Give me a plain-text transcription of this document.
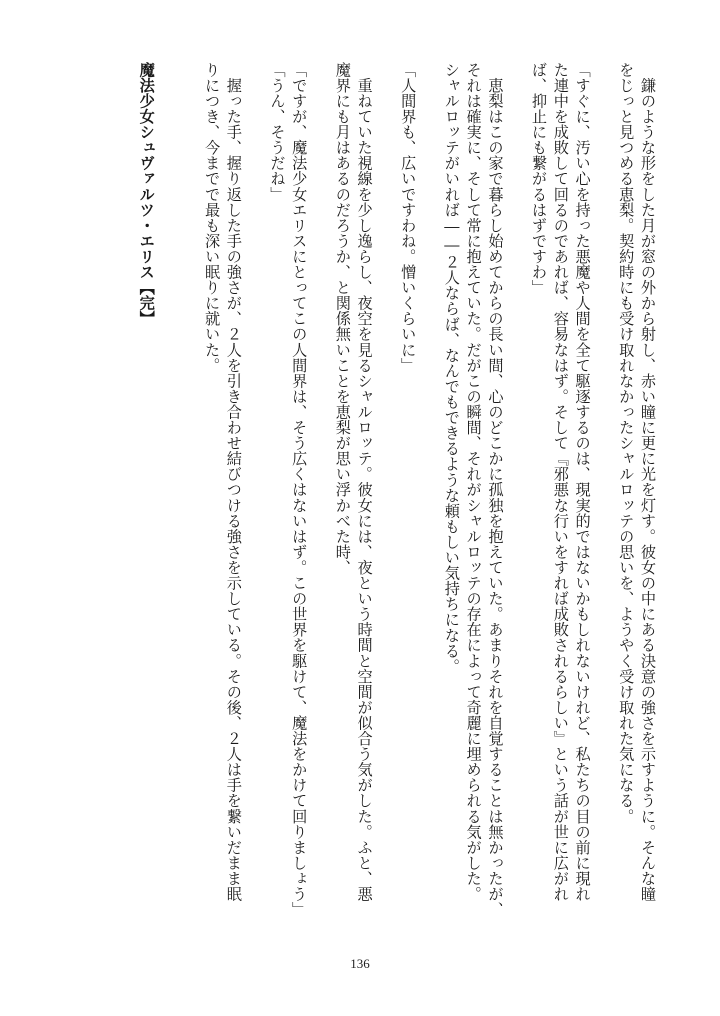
　鎌のような形をした月が窓の外から射し、赤い瞳に更に光を灯す。彼女の中にある決意の強さを示すように。そんな瞳
をじっと見つめる恵梨。契約時にも受け取れなかったシャルロッテの思いを、ようやく受け取れた気になる。
「すぐに、汚い心を持った悪魔や人間を全て駆逐するのは、現実的ではないかもしれないけれど、私たちの目の前に現れ
た連中を成敗して回るのであれば、容易なはず。そして『邪悪な行いをすれば成敗されるらしい』という話が世に広がれ
ば、抑止にも繋がるはずですわ」
　恵梨はこの家で暮らし始めてからの長い間、心のどこかに孤独を抱えていた。あまりそれを自覚することは無かったが、
それは確実に、そして常に抱えていた。だがこの瞬間、それがシャルロッテの存在によって奇麗に埋められる気がした。
シャルロッテがいれば――２人ならば、なんでもできるような頼もしい気持ちになる。
「人間界も、広いですわね。憎いくらいに」
　重ねていた視線を少し逸らし、夜空を見るシャルロッテ。彼女には、夜という時間と空間が似合う気がした。ふと、悪
魔界にも月はあるのだろうか、と関係無いことを恵梨が思い浮かべた時、
「ですが、魔法少女エリスにとってこの人間界は、そう広くはないはず。この世界を駆けて、魔法をかけて回りましょう」
「うん、そうだね」
　握った手、握り返した手の強さが、２人を引き合わせ結びつける強さを示している。その後、２人は手を繋いだまま眠
りにつき、今までで最も深い眠りに就いた。
魔法少女シュヴァルツ・エリス【完】
136
